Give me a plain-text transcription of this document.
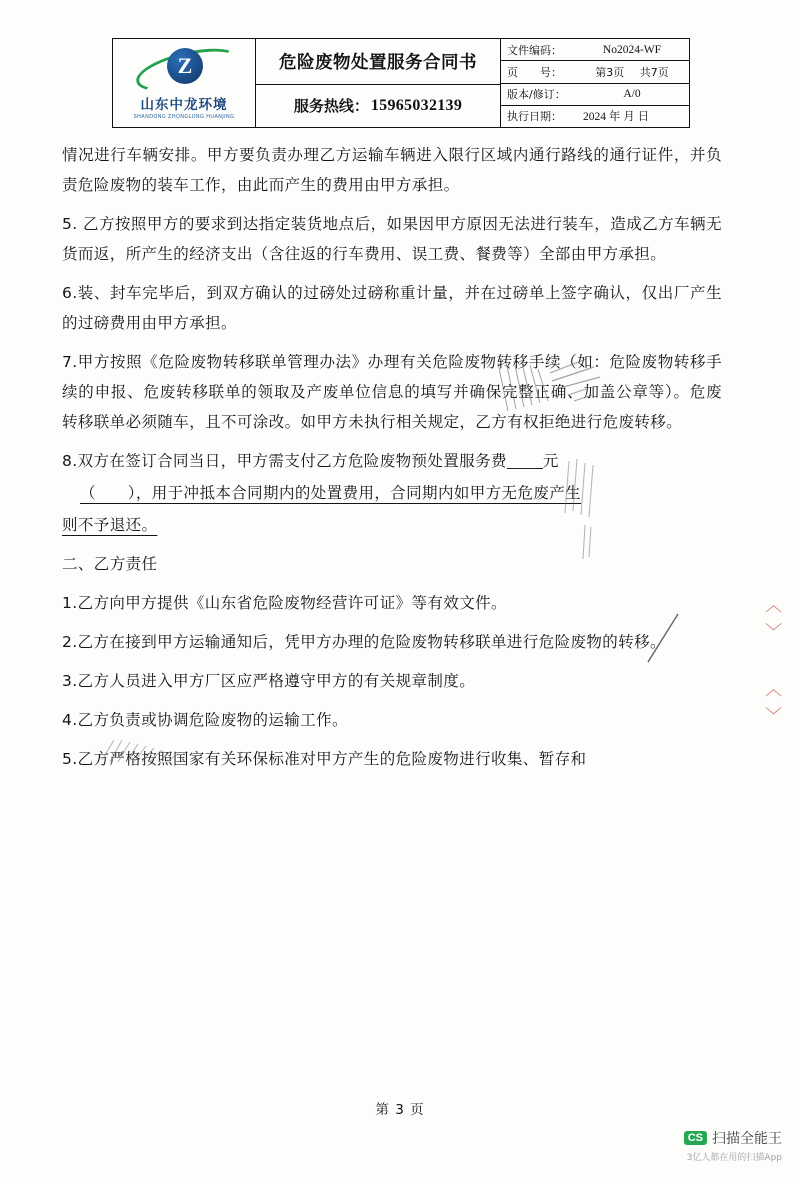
Z
山东中龙环境
SHANDONG ZHONGLONG HUANJING
危险废物处置服务合同书
服务热线： 15965032139
文件编码：	No2024-WF
页　　号：	第3页 共7页
版本/修订：	A/0
执行日期：	2024 年 月 日

情况进行车辆安排。甲方要负责办理乙方运输车辆进入限行区域内通行路线的通行证件，并负责危险废物的装车工作，由此而产生的费用由甲方承担。

5. 乙方按照甲方的要求到达指定装货地点后，如果因甲方原因无法进行装车，造成乙方车辆无货而返，所产生的经济支出（含往返的行车费用、误工费、餐费等）全部由甲方承担。

6.装、封车完毕后，到双方确认的过磅处过磅称重计量，并在过磅单上签字确认，仅出厂产生的过磅费用由甲方承担。

7.甲方按照《危险废物转移联单管理办法》办理有关危险废物转移手续（如：危险废物转移手续的申报、危废转移联单的领取及产废单位信息的填写并确保完整正确、加盖公章等）。危废转移联单必须随车，且不可涂改。如甲方未执行相关规定，乙方有权拒绝进行危废转移。

8.双方在签订合同当日，甲方需支付乙方危险废物预处置服务费 元

（　　），用于冲抵本合同期内的处置费用，合同期内如甲方无危废产生

则不予退还。

二、乙方责任

1.乙方向甲方提供《山东省危险废物经营许可证》等有效文件。

2.乙方在接到甲方运输通知后，凭甲方办理的危险废物转移联单进行危险废物的转移。

3.乙方人员进入甲方厂区应严格遵守甲方的有关规章制度。

4.乙方负责或协调危险废物的运输工作。

5.乙方严格按照国家有关环保标准对甲方产生的危险废物进行收集、暂存和

〈 〉
〈 〉
第 3 页
CS 扫描全能王
3亿人都在用的扫描App
